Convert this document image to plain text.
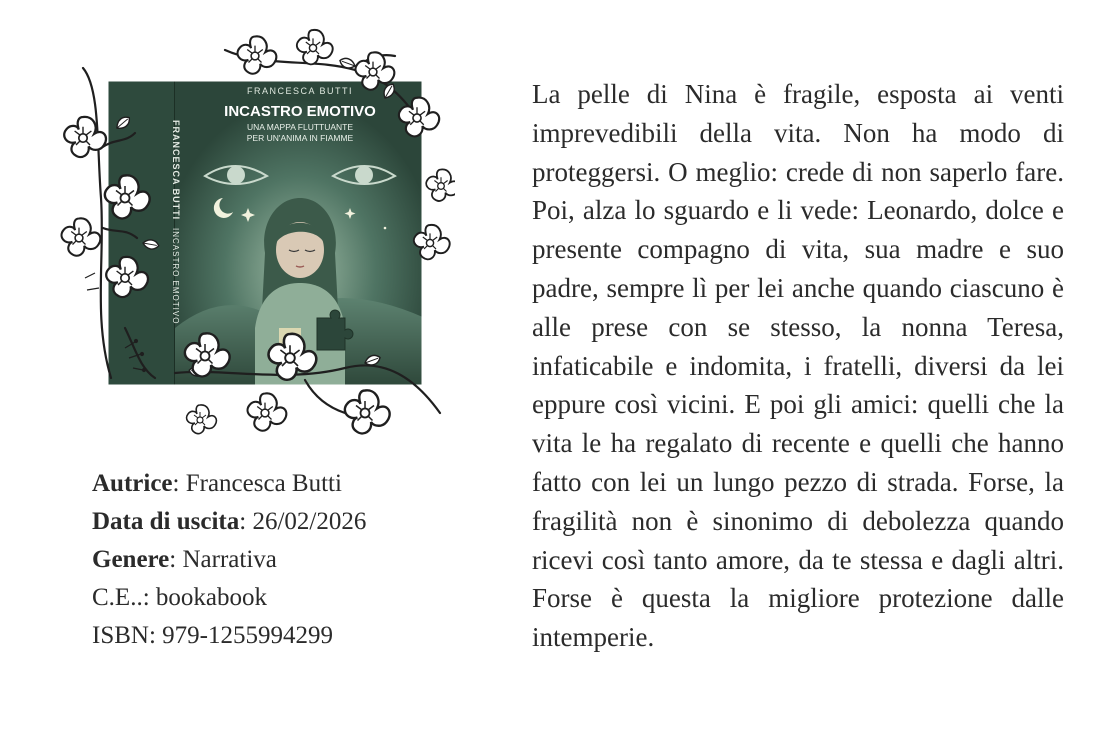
FRANCESCA BUTTI
INCASTRO EMOTIVO
UNA MAPPA FLUTTUANTE
PER UN'ANIMA IN FIAMME
FRANCESCA BUTTI
INCASTRO EMOTIVO
Autrice: Francesca Butti
Data di uscita: 26/02/2026
Genere: Narrativa
C.E..: bookabook
ISBN: 979-1255994299

La pelle di Nina è fragile, esposta ai venti imprevedibili della vita. Non ha modo di proteggersi. O meglio: crede di non saperlo fare. Poi, alza lo sguardo e li vede: Leonardo, dolce e presente compagno di vita, sua madre e suo padre, sempre lì per lei anche quando ciascuno è alle prese con se stesso, la nonna Teresa, infaticabile e indomita, i fratelli, diversi da lei eppure così vicini. E poi gli amici: quelli che la vita le ha regalato di recente e quelli che hanno fatto con lei un lungo pezzo di strada. Forse, la fragilità non è sinonimo di debolezza quando ricevi così tanto amore, da te stessa e dagli altri. Forse è questa la migliore protezione dalle intemperie.
